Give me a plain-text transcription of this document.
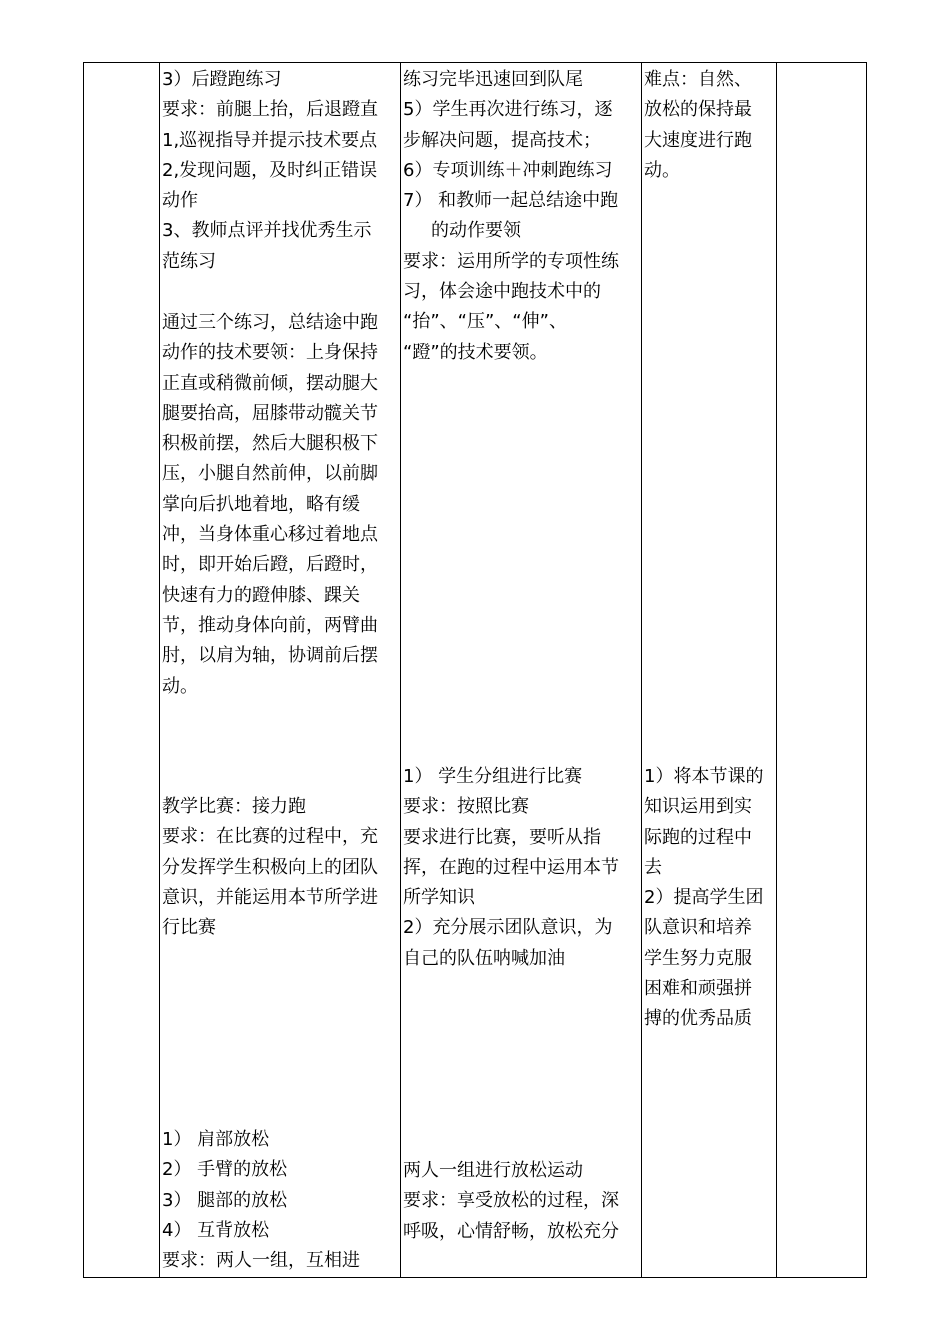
3）后蹬跑练习
要求：前腿上抬，后退蹬直
1,巡视指导并提示技术要点
2,发现问题，及时纠正错误
动作
3、教师点评并找优秀生示
范练习
通过三个练习，总结途中跑
动作的技术要领：上身保持
正直或稍微前倾，摆动腿大
腿要抬高，屈膝带动髋关节
积极前摆，然后大腿积极下
压，小腿自然前伸，以前脚
掌向后扒地着地，略有缓
冲，当身体重心移过着地点
时，即开始后蹬，后蹬时，
快速有力的蹬伸膝、踝关
节，推动身体向前，两臂曲
肘，以肩为轴，协调前后摆
动。
教学比赛：接力跑
要求：在比赛的过程中，充
分发挥学生积极向上的团队
意识，并能运用本节所学进
行比赛
1） 肩部放松
2） 手臂的放松
3） 腿部的放松
4） 互背放松
要求：两人一组，互相进
练习完毕迅速回到队尾
5）学生再次进行练习，逐
步解决问题，提高技术；
6）专项训练＋冲刺跑练习
7） 和教师一起总结途中跑
的动作要领
要求：运用所学的专项性练
习，体会途中跑技术中的
“抬”、“压”、“伸”、
“蹬”的技术要领。
1） 学生分组进行比赛
要求：按照比赛
要求进行比赛，要听从指
挥，在跑的过程中运用本节
所学知识
2）充分展示团队意识，为
自己的队伍呐喊加油
两人一组进行放松运动
要求：享受放松的过程，深
呼吸，心情舒畅，放松充分
难点：自然、
放松的保持最
大速度进行跑
动。
1）将本节课的
知识运用到实
际跑的过程中
去
2）提高学生团
队意识和培养
学生努力克服
困难和顽强拼
搏的优秀品质
